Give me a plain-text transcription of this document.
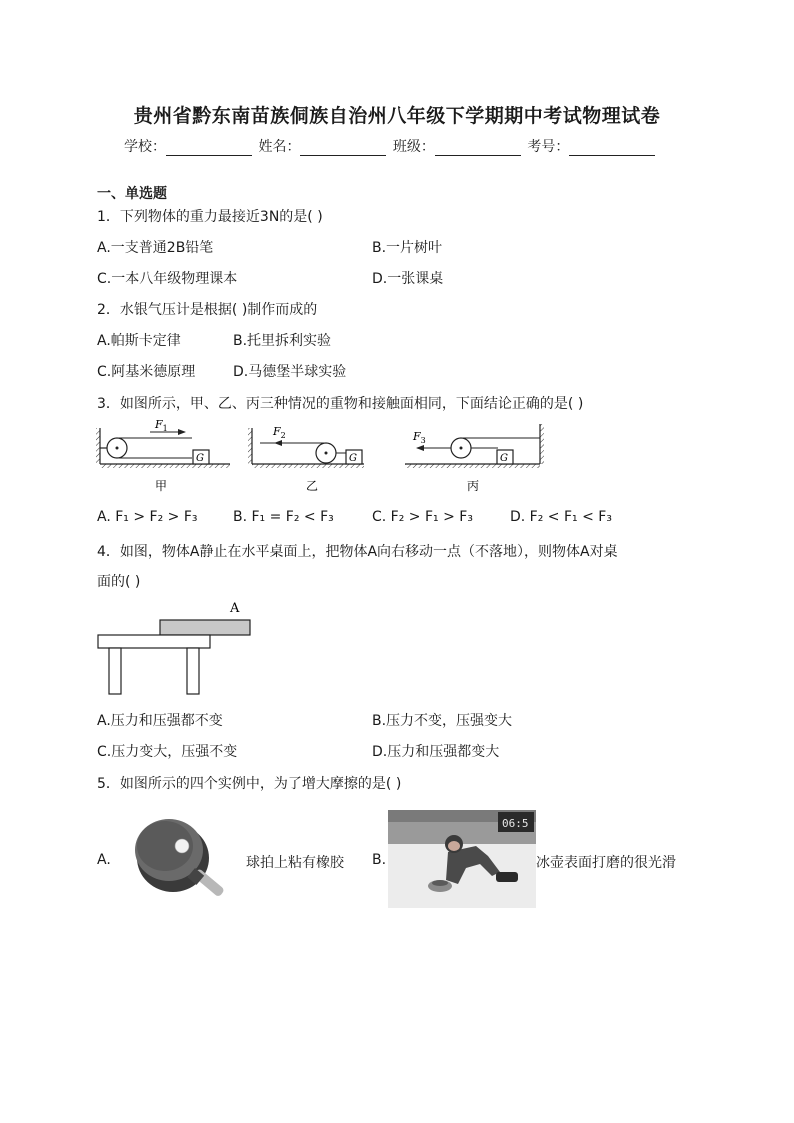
贵州省黔东南苗族侗族自治州八年级下学期期中考试物理试卷
学校：	姓名：	班级：	考号：
一、单选题
1．下列物体的重力最接近3N的是( )
A.一支普通2B铅笔	B.一片树叶
C.一本八年级物理课本	D.一张课桌
2．水银气压计是根据( )制作而成的
A.帕斯卡定律	B.托里拆利实验
C.阿基米德原理	D.马德堡半球实验
3．如图所示，甲、乙、丙三种情况的重物和接触面相同，下面结论正确的是( )
G
$F_1$
G
$F_2$
G
$F_3$
甲	乙	丙
A. F₁ > F₂ > F₃	B. F₁ = F₂ < F₃	C. F₂ > F₁ > F₃	D. F₂ < F₁ < F₃
4．如图，物体A静止在水平桌面上，把物体A向右移动一点（不落地），则物体A对桌
面的( )
A
A.压力和压强都不变	B.压力不变，压强变大
C.压力变大，压强不变	D.压力和压强都变大
5．如图所示的四个实例中，为了增大摩擦的是( )
A.	球拍上粘有橡胶 B.
06:5
冰壶表面打磨的很光滑
